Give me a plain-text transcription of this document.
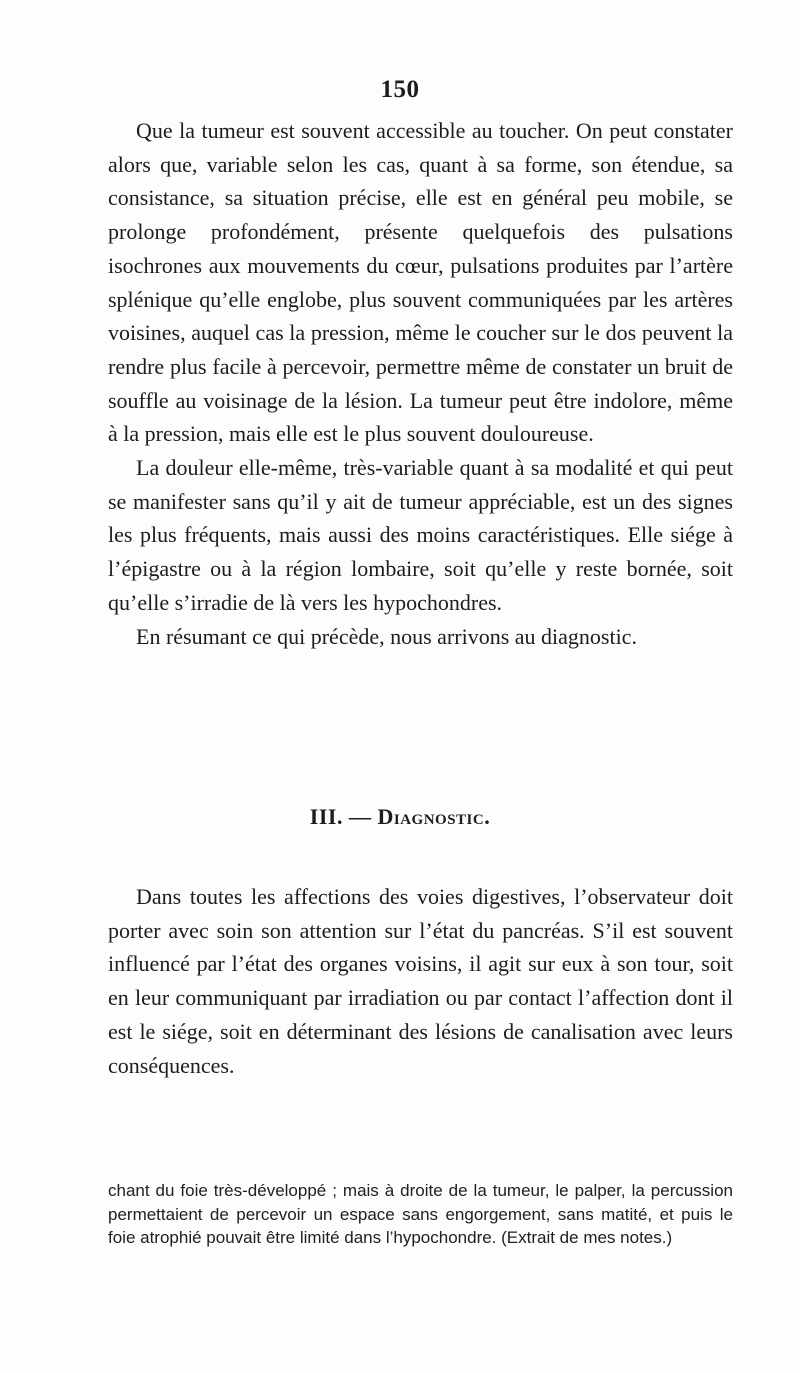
150

Que la tumeur est souvent accessible au toucher. On peut constater alors que, variable selon les cas, quant à sa forme, son étendue, sa consistance, sa situation précise, elle est en général peu mobile, se prolonge profondément, présente quelquefois des pulsations isochrones aux mouvements du cœur, pulsations produites par l’artère splénique qu’elle englobe, plus souvent communiquées par les artères voisines, auquel cas la pression, même le coucher sur le dos peuvent la rendre plus facile à percevoir, permettre même de constater un bruit de souffle au voisinage de la lésion. La tumeur peut être indolore, même à la pression, mais elle est le plus souvent douloureuse.

La douleur elle-même, très-variable quant à sa modalité et qui peut se manifester sans qu’il y ait de tumeur appréciable, est un des signes les plus fréquents, mais aussi des moins caractéristiques. Elle siége à l’épigastre ou à la région lombaire, soit qu’elle y reste bornée, soit qu’elle s’irradie de là vers les hypochondres.

En résumant ce qui précède, nous arrivons au diagnostic.

III. — Diagnostic.

Dans toutes les affections des voies digestives, l’observateur doit porter avec soin son attention sur l’état du pancréas. S’il est souvent influencé par l’état des organes voisins, il agit sur eux à son tour, soit en leur communiquant par irradiation ou par contact l’affection dont il est le siége, soit en déterminant des lésions de canalisation avec leurs conséquences.

chant du foie très-développé ; mais à droite de la tumeur, le palper, la percussion permettaient de percevoir un espace sans engorgement, sans matité, et puis le foie atrophié pouvait être limité dans l’hypochondre. (Extrait de mes notes.)
